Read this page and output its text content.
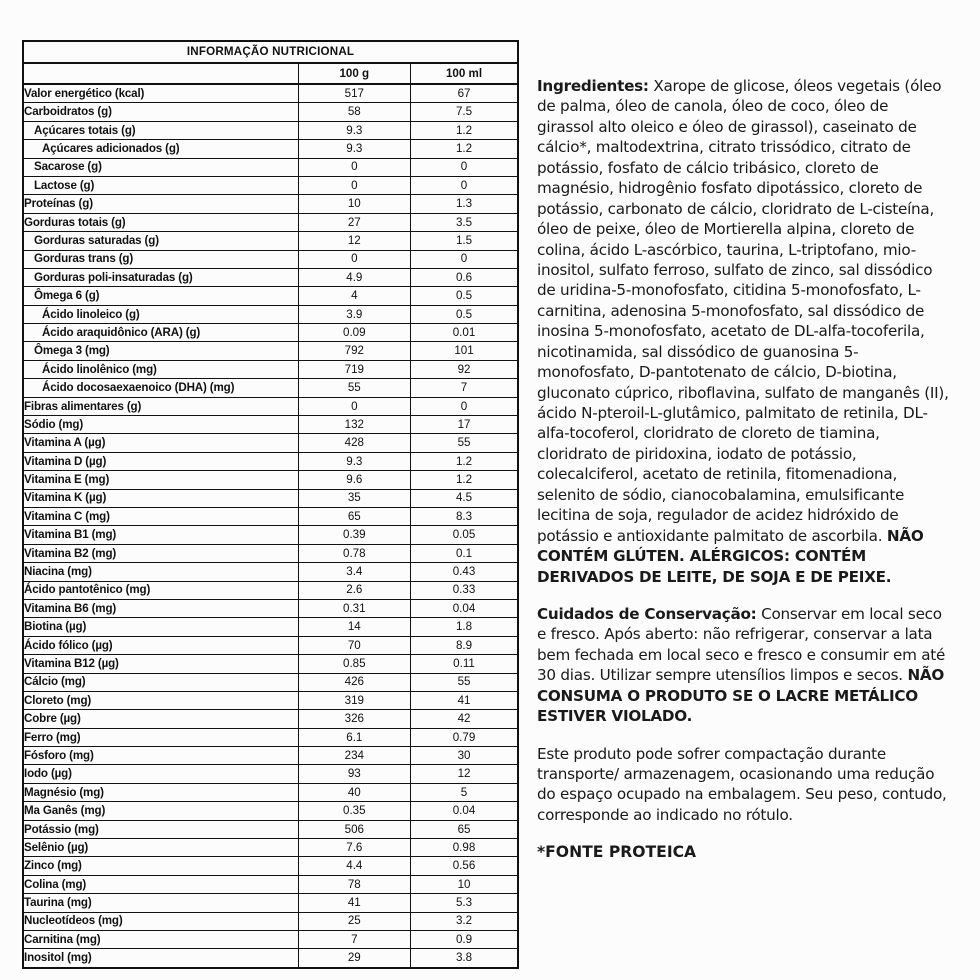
INFORMAÇÃO NUTRICIONAL		
	100 g	100 ml
Valor energético (kcal)	517	67
Carboidratos (g)	58	7.5
Açúcares totais (g)	9.3	1.2
Açúcares adicionados (g)	9.3	1.2
Sacarose (g)	0	0
Lactose (g)	0	0
Proteínas (g)	10	1.3
Gorduras totais (g)	27	3.5
Gorduras saturadas (g)	12	1.5
Gorduras trans (g)	0	0
Gorduras poli-insaturadas (g)	4.9	0.6
Ômega 6 (g)	4	0.5
Ácido linoleico (g)	3.9	0.5
Ácido araquidônico (ARA) (g)	0.09	0.01
Ômega 3 (mg)	792	101
Ácido linolênico (mg)	719	92
Ácido docosaexaenoico (DHA) (mg)	55	7
Fibras alimentares (g)	0	0
Sódio (mg)	132	17
Vitamina A (µg)	428	55
Vitamina D (µg)	9.3	1.2
Vitamina E (mg)	9.6	1.2
Vitamina K (µg)	35	4.5
Vitamina C (mg)	65	8.3
Vitamina B1 (mg)	0.39	0.05
Vitamina B2 (mg)	0.78	0.1
Niacina (mg)	3.4	0.43
Ácido pantotênico (mg)	2.6	0.33
Vitamina B6 (mg)	0.31	0.04
Biotina (µg)	14	1.8
Ácido fólico (µg)	70	8.9
Vitamina B12 (µg)	0.85	0.11
Cálcio (mg)	426	55
Cloreto (mg)	319	41
Cobre (µg)	326	42
Ferro (mg)	6.1	0.79
Fósforo (mg)	234	30
Iodo (µg)	93	12
Magnésio (mg)	40	5
Ma Ganês (mg)	0.35	0.04
Potássio (mg)	506	65
Selênio (µg)	7.6	0.98
Zinco (mg)	4.4	0.56
Colina (mg)	78	10
Taurina (mg)	41	5.3
Nucleotídeos (mg)	25	3.2
Carnitina (mg)	7	0.9
Inositol (mg)	29	3.8

Ingredientes: Xarope de glicose, óleos vegetais (óleo de palma, óleo de canola, óleo de coco, óleo de girassol alto oleico e óleo de girassol), caseinato de cálcio*, maltodextrina, citrato trissódico, citrato de potássio, fosfato de cálcio tribásico, cloreto de magnésio, hidrogênio fosfato dipotássico, cloreto de potássio, carbonato de cálcio, cloridrato de L-cisteína, óleo de peixe, óleo de Mortierella alpina, cloreto de colina, ácido L-ascórbico, taurina, L-triptofano, mio-inositol, sulfato ferroso, sulfato de zinco, sal dissódico de uridina-5-monofosfato, citidina 5-monofosfato, L-carnitina, adenosina 5-monofosfato, sal dissódico de inosina 5-monofosfato, acetato de DL-alfa-tocoferila, nicotinamida, sal dissódico de guanosina 5-monofosfato, D-pantotenato de cálcio, D-biotina, gluconato cúprico, riboflavina, sulfato de manganês (II), ácido N-pteroil-L-glutâmico, palmitato de retinila, DL-alfa-tocoferol, cloridrato de cloreto de tiamina, cloridrato de piridoxina, iodato de potássio, colecalciferol, acetato de retinila, fitomenadiona, selenito de sódio, cianocobalamina, emulsificante lecitina de soja, regulador de acidez hidróxido de potássio e antioxidante palmitato de ascorbila. NÃO CONTÉM GLÚTEN. ALÉRGICOS: CONTÉM DERIVADOS DE LEITE, DE SOJA E DE PEIXE.

Cuidados de Conservação: Conservar em local seco e fresco. Após aberto: não refrigerar, conservar a lata bem fechada em local seco e fresco e consumir em até 30 dias. Utilizar sempre utensílios limpos e secos. NÃO CONSUMA O PRODUTO SE O LACRE METÁLICO ESTIVER VIOLADO.

Este produto pode sofrer compactação durante transporte/ armazenagem, ocasionando uma redução do espaço ocupado na embalagem. Seu peso, contudo, corresponde ao indicado no rótulo.

*FONTE PROTEICA
